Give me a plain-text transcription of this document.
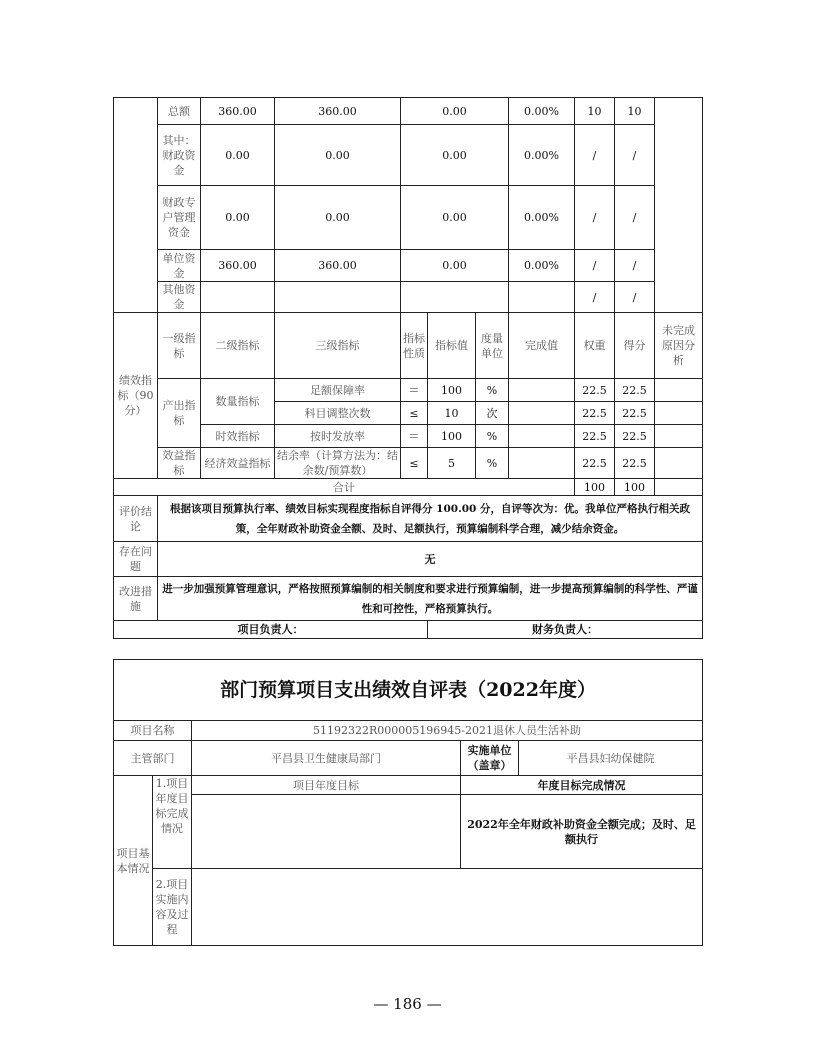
	总额	360.00	360.00	0.00			0.00%	10	10	
	其中：财政资金	0.00	0.00	0.00			0.00%	/	/	
	财政专户管理资金	0.00	0.00	0.00			0.00%	/	/	
	单位资金	360.00	360.00	0.00			0.00%	/	/	
	其他资金							/	/	
绩效指标（90分）	一级指标	二级指标	三级指标	指标性质	指标值	度量单位	完成值	权重	得分	未完成原因分析
	产出指标	数量指标	足额保障率	＝	100	%		22.5	22.5	
			科目调整次数	≤	10	次		22.5	22.5	
		时效指标	按时发放率	＝	100	%		22.5	22.5	
	效益指标	经济效益指标	结余率（计算方法为：结余数/预算数）	≤	5	%		22.5	22.5	
合计								100	100	
评价结论	根据该项目预算执行率、绩效目标实现程度指标自评得分 100.00 分，自评等次为：优。我单位严格执行相关政策，全年财政补助资金全额、及时、足额执行，预算编制科学合理，减少结余资金。									
存在问题	无									
改进措施	进一步加强预算管理意识，严格按照预算编制的相关制度和要求进行预算编制，进一步提高预算编制的科学性、严谨性和可控性，严格预算执行。									
项目负责人：					财务负责人：					
部门预算项目支出绩效自评表（2022年度）				
项目名称		51192322R000005196945-2021退休人员生活补助		
主管部门		平昌县卫生健康局部门	实施单位（盖章）	平昌县妇幼保健院
项目基本情况	1.项目年度目标完成情况	项目年度目标	年度目标完成情况	
			2022年全年财政补助资金全额完成；及时、足额执行	
	2.项目实施内容及过程			
— 186 —
